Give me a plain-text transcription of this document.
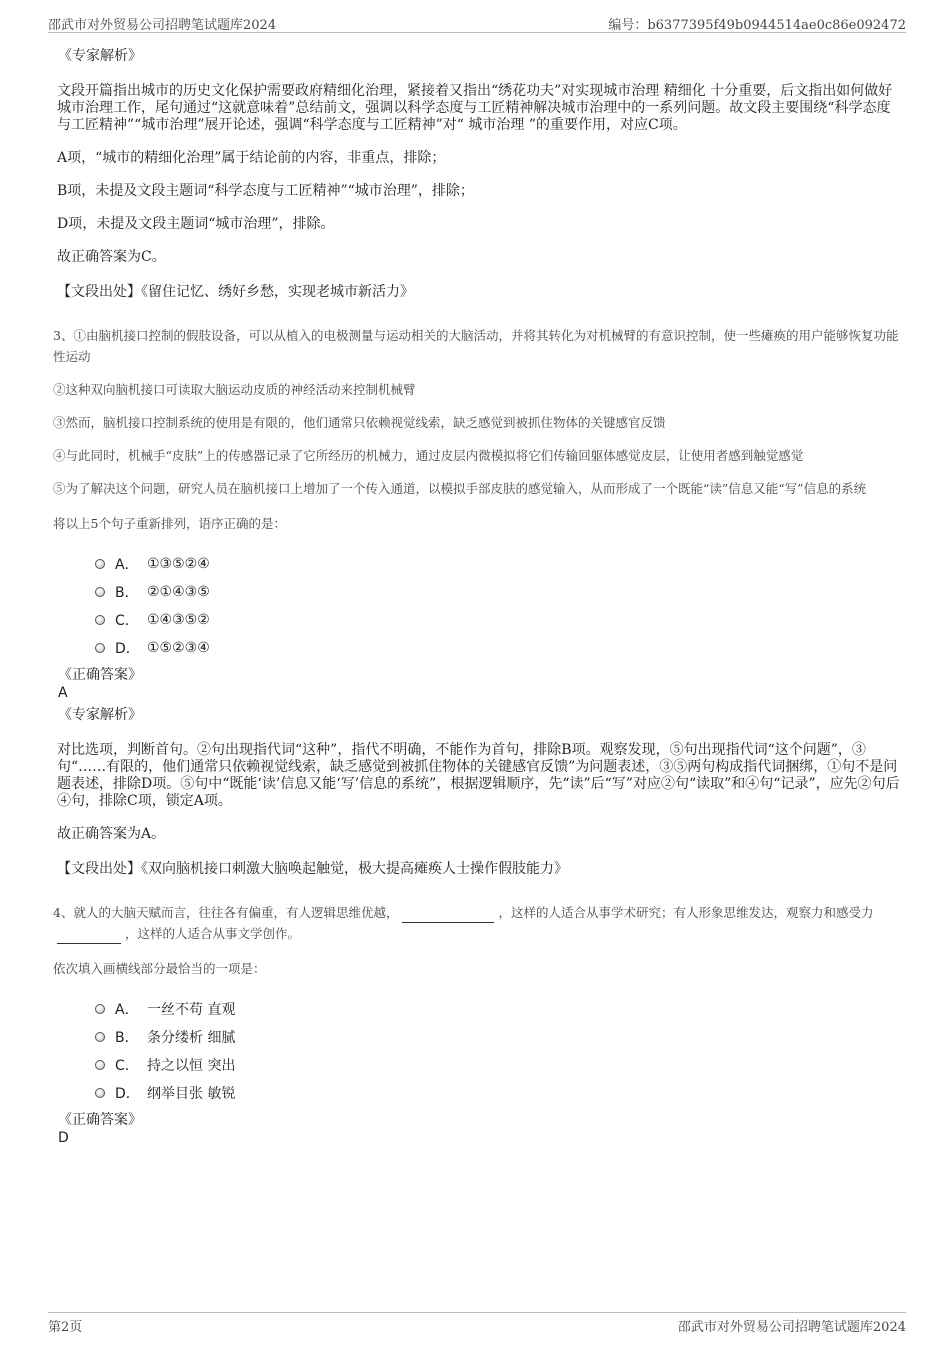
邵武市对外贸易公司招聘笔试题库2024	编号：b6377395f49b0944514ae0c86e092472
《专家解析》
文段开篇指出城市的历史文化保护需要政府精细化治理，紧接着又指出“绣花功夫”对实现城市治理 精细化 十分重要，后文指出如何做好城市治理工作，尾句通过“这就意味着”总结前文，强调以科学态度与工匠精神解决城市治理中的一系列问题。故文段主要围绕“科学态度与工匠精神”“城市治理”展开论述，强调“科学态度与工匠精神”对“ 城市治理 ”的重要作用，对应C项。
A项，“城市的精细化治理”属于结论前的内容，非重点，排除；
B项，未提及文段主题词“科学态度与工匠精神”“城市治理”，排除；
D项，未提及文段主题词“城市治理”，排除。
故正确答案为C。
【文段出处】《留住记忆、绣好乡愁，实现老城市新活力》
3、①由脑机接口控制的假肢设备，可以从植入的电极测量与运动相关的大脑活动，并将其转化为对机械臂的有意识控制，使一些瘫痪的用户能够恢复功能性运动
②这种双向脑机接口可读取大脑运动皮质的神经活动来控制机械臂
③然而，脑机接口控制系统的使用是有限的，他们通常只依赖视觉线索，缺乏感觉到被抓住物体的关键感官反馈
④与此同时，机械手“皮肤”上的传感器记录了它所经历的机械力，通过皮层内微模拟将它们传输回躯体感觉皮层，让使用者感到触觉感觉
⑤为了解决这个问题，研究人员在脑机接口上增加了一个传入通道，以模拟手部皮肤的感觉输入，从而形成了一个既能“读”信息又能“写”信息的系统
将以上5个句子重新排列，语序正确的是：
A． ①③⑤②④
B． ②①④③⑤
C． ①④③⑤②
D． ①⑤②③④
《正确答案》
A
《专家解析》
对比选项，判断首句。②句出现指代词“这种”，指代不明确，不能作为首句，排除B项。观察发现，⑤句出现指代词“这个问题”，③句“……有限的，他们通常只依赖视觉线索，缺乏感觉到被抓住物体的关键感官反馈”为问题表述，③⑤两句构成指代词捆绑，①句不是问题表述，排除D项。⑤句中“既能‘读’信息又能‘写’信息的系统”，根据逻辑顺序，先“读”后“写”对应②句“读取”和④句“记录”，应先②句后④句，排除C项，锁定A项。
故正确答案为A。
【文段出处】《双向脑机接口刺激大脑唤起触觉，极大提高瘫痪人士操作假肢能力》
4、就人的大脑天赋而言，往往各有偏重，有人逻辑思维优越，	，这样的人适合从事学术研究；有人形象思维发达，观察力和感受力，这样的人适合从事文学创作。
依次填入画横线部分最恰当的一项是：
A． 一丝不苟 直观
B． 条分缕析 细腻
C． 持之以恒 突出
D． 纲举目张 敏锐
《正确答案》
D
第2页	邵武市对外贸易公司招聘笔试题库2024
